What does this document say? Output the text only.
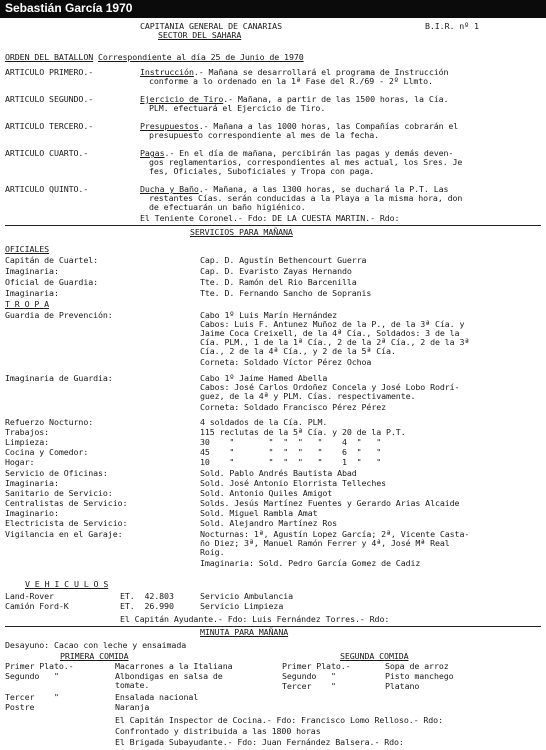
Sebastián García 1970
CAPITANIA GENERAL DE CANARIAS
SECTOR DEL SAHARA
B.I.R. nº 1
ORDEN DEL BATALLON Correspondiente al día 25 de Junio de 1970
ARTICULO PRIMERO.-	Instrucción.- Mañana se desarrollará el programa de Instrucción
conforme a lo ordenado en la 1ª Fase del R./69 - 2º Llmto.
ARTICULO SEGUNDO.-	Ejercicio de Tiro.- Mañana, a partir de las 1500 horas, la Cía.
PLM. efectuará el Ejercicio de Tiro.
ARTICULO TERCERO.-	Presupuestos.- Mañana a las 1000 horas, las Compañías cobrarán el
presupuesto correspondiente al mes de la fecha.
ARTICULO CUARTO.-	Pagas.- En el día de mañana, percibirán las pagas y demás deven-
gos reglamentarios, correspondientes al mes actual, los Sres. Je
fes, Oficiales, Suboficiales y Tropa con paga.
ARTICULO QUINTO.-	Ducha y Baño.- Mañana, a las 1300 horas, se duchará la P.T. Las
restantes Cías. serán conducidas a la Playa a la misma hora, don
de efectuarán un baño higiénico.
El Teniente Coronel.- Fdo: DE LA CUESTA MARTIN.- Rdo:
SERVICIOS PARA MAÑANA
OFICIALES
Capitán de Cuartel:	Cap. D. Agustín Bethencourt Guerra
Imaginaria:	Cap. D. Evaristo Zayas Hernando
Oficial de Guardia:	Tte. D. Ramón del Rio Barcenilla
Imaginaria:	Tte. D. Fernando Sancho de Sopranis
T R O P A
Guardia de Prevención:	Cabo 1º Luis Marín Hernández
Cabos: Luis F. Antunez Muñoz de la P., de la 3ª Cía. y
Jaime Coca Creixell, de la 4ª Cía., Soldados: 3 de la
Cía. PLM., 1 de la 1ª Cía., 2 de la 2ª Cía., 2 de la 3ª
Cía., 2 de la 4ª Cía., y 2 de la 5ª Cía.
Corneta: Soldado Víctor Pérez Ochoa
Imaginaria de Guardia:	Cabo 1º Jaime Hamed Abella
Cabos: José Carlos Ordoñez Concela y José Lobo Rodrí-
guez, de la 4ª y PLM. Cías. respectivamente.
Corneta: Soldado Francisco Pérez Pérez
Refuerzo Nocturno:	4 soldados de la Cía. PLM.
Trabajos:	115 reclutas de la 5ª Cía. y 20 de la P.T.
Limpieza:	30    "       "  "  "   "    4  "   "
Cocina y Comedor:	45    "       "  "  "   "    6  "   "
Hogar:	10    "       "  "  "   "    1  "   "
Servicio de Oficinas:	Sold. Pablo Andrés Bautista Abad
Imaginaria:	Sold. José Antonio Elorrista Telleches
Sanitario de Servicio:	Sold. Antonio Quiles Amigot
Centralistas de Servicio:	Solds. Jesús Martínez Fuentes y Gerardo Arias Alcaide
Imaginario:	Sold. Miguel Rambla Amat
Electricista de Servicio:	Sold. Alejandro Martínez Ros
Vigilancia en el Garaje:	Nocturnas: 1ª, Agustín Lopez García; 2ª, Vicente Casta-
ño Diez; 3ª, Manuel Ramón Ferrer y 4ª, José Mª Real
Roig.
Imaginaria: Sold. Pedro García Gomez de Cadiz
V E H I C U L O S
Land-Rover	ET.  42.803	Servicio Ambulancia
Camión Ford-K	ET.  26.990	Servicio Limpieza
El Capitán Ayudante.- Fdo: Luis Fernández Torres.- Rdo:
MINUTA PARA MAÑANA
Desayuno: Cacao con leche y ensaimada
PRIMERA COMIDA	SEGUNDA COMIDA
Primer Plato.-	Macarrones a la Italiana
Segundo   "	Albondigas en salsa de
tomate.
Tercer    "	Ensalada nacional
Postre	Naranja
Primer Plato.-	Sopa de arroz
Segundo   "	Pisto manchego
Tercer    "	Platano
El Capitán Inspector de Cocina.- Fdo: Francisco Lomo Relloso.- Rdo:
Confrontado y distribuida a las 1800 horas
El Brigada Subayudante.- Fdo: Juan Fernández Balsera.- Rdo:
